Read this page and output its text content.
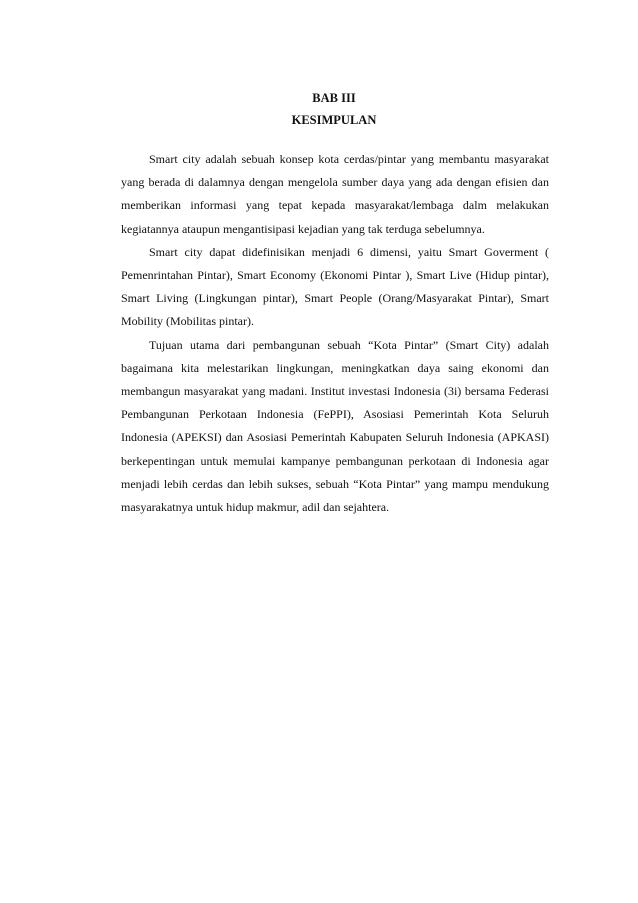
BAB III
KESIMPULAN

Smart city adalah sebuah konsep kota cerdas/pintar yang membantu masyarakat yang berada di dalamnya dengan mengelola sumber daya yang ada dengan efisien dan memberikan informasi yang tepat kepada masyarakat/lembaga dalm melakukan kegiatannya ataupun mengantisipasi kejadian yang tak terduga sebelumnya.

Smart city dapat didefinisikan menjadi 6 dimensi, yaitu Smart Goverment ( Pemenrintahan Pintar), Smart Economy (Ekonomi Pintar ), Smart Live (Hidup pintar), Smart Living (Lingkungan pintar), Smart People (Orang/Masyarakat Pintar), Smart Mobility (Mobilitas pintar).

Tujuan utama dari pembangunan sebuah “Kota Pintar” (Smart City) adalah bagaimana kita melestarikan lingkungan, meningkatkan daya saing ekonomi dan membangun masyarakat yang madani. Institut investasi Indonesia (3i) bersama Federasi Pembangunan Perkotaan Indonesia (FePPI), Asosiasi Pemerintah Kota Seluruh Indonesia (APEKSI) dan Asosiasi Pemerintah Kabupaten Seluruh Indonesia (APKASI) berkepentingan untuk memulai kampanye pembangunan perkotaan di Indonesia agar menjadi lebih cerdas dan lebih sukses, sebuah “Kota Pintar” yang mampu mendukung masyarakatnya untuk hidup makmur, adil dan sejahtera.
